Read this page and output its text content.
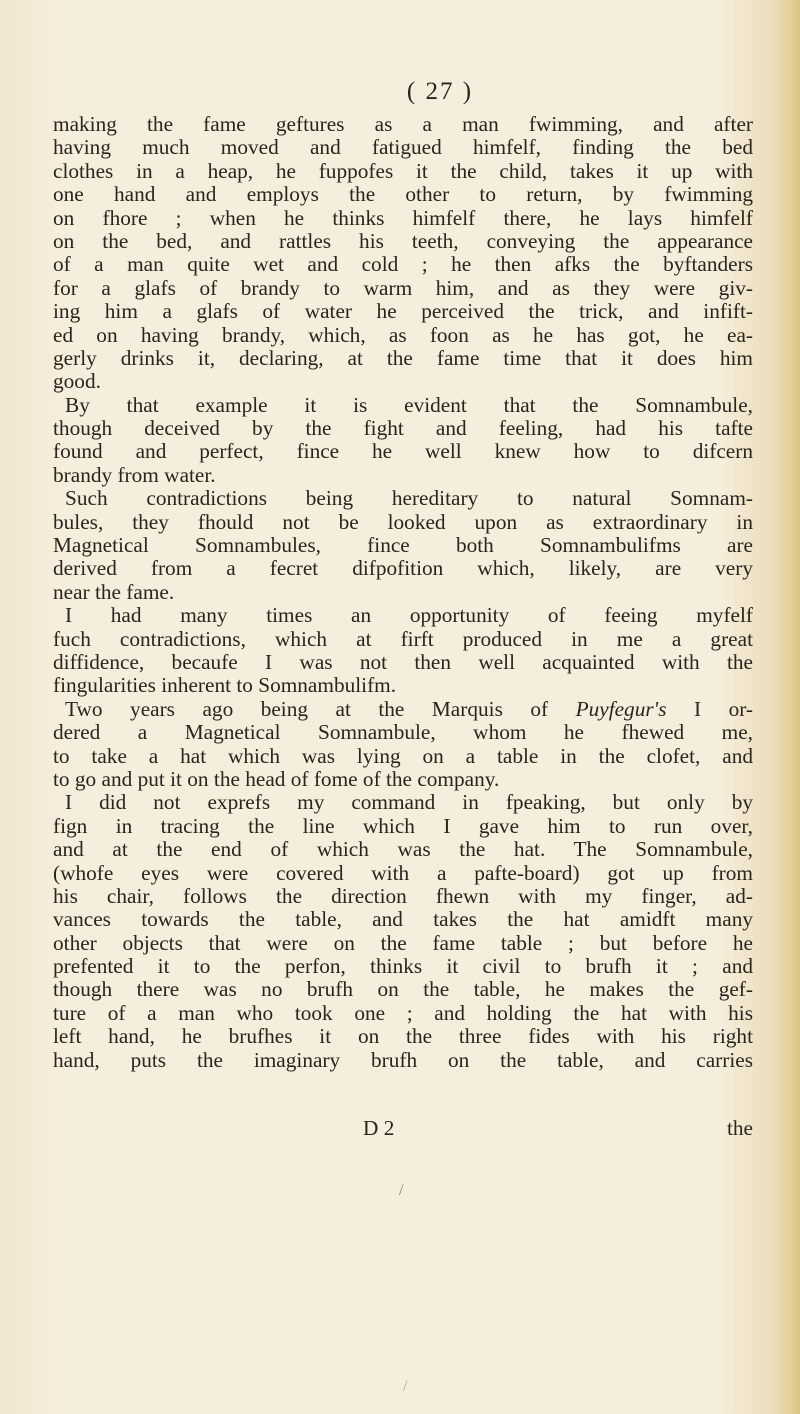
( 27 )
making the fame geftures as a man fwimming, and after
having much moved and fatigued himfelf, finding the bed
clothes in a heap, he fuppofes it the child, takes it up with
one hand and employs the other to return, by fwimming
on fhore ; when he thinks himfelf there, he lays himfelf
on the bed, and rattles his teeth, conveying the appearance
of a man quite wet and cold ; he then afks the byftanders
for a glafs of brandy to warm him, and as they were giv-
ing him a glafs of water he perceived the trick, and infift-
ed on having brandy, which, as foon as he has got, he ea-
gerly drinks it, declaring, at the fame time that it does him
good.
By that example it is evident that the Somnambule,
though deceived by the fight and feeling, had his tafte
found and perfect, fince he well knew how to difcern
brandy from water.
Such contradictions being hereditary to natural Somnam-
bules, they fhould not be looked upon as extraordinary in
Magnetical Somnambules, fince both Somnambulifms are
derived from a fecret difpofition which, likely, are very
near the fame.
I had many times an opportunity of feeing myfelf
fuch contradictions, which at firft produced in me a great
diffidence, becaufe I was not then well acquainted with the
fingularities inherent to Somnambulifm.
Two years ago being at the Marquis of Puyfegur's I or-
dered a Magnetical Somnambule, whom he fhewed me,
to take a hat which was lying on a table in the clofet, and
to go and put it on the head of fome of the company.
I did not exprefs my command in fpeaking, but only by
fign in tracing the line which I gave him to run over,
and at the end of which was the hat. The Somnambule,
(whofe eyes were covered with a pafte-board) got up from
his chair, follows the direction fhewn with my finger, ad-
vances towards the table, and takes the hat amidft many
other objects that were on the fame table ; but before he
prefented it to the perfon, thinks it civil to brufh it ; and
though there was no brufh on the table, he makes the gef-
ture of a man who took one ; and holding the hat with his
left hand, he brufhes it on the three fides with his right
hand, puts the imaginary brufh on the table, and carries
D 2	the
/
/
